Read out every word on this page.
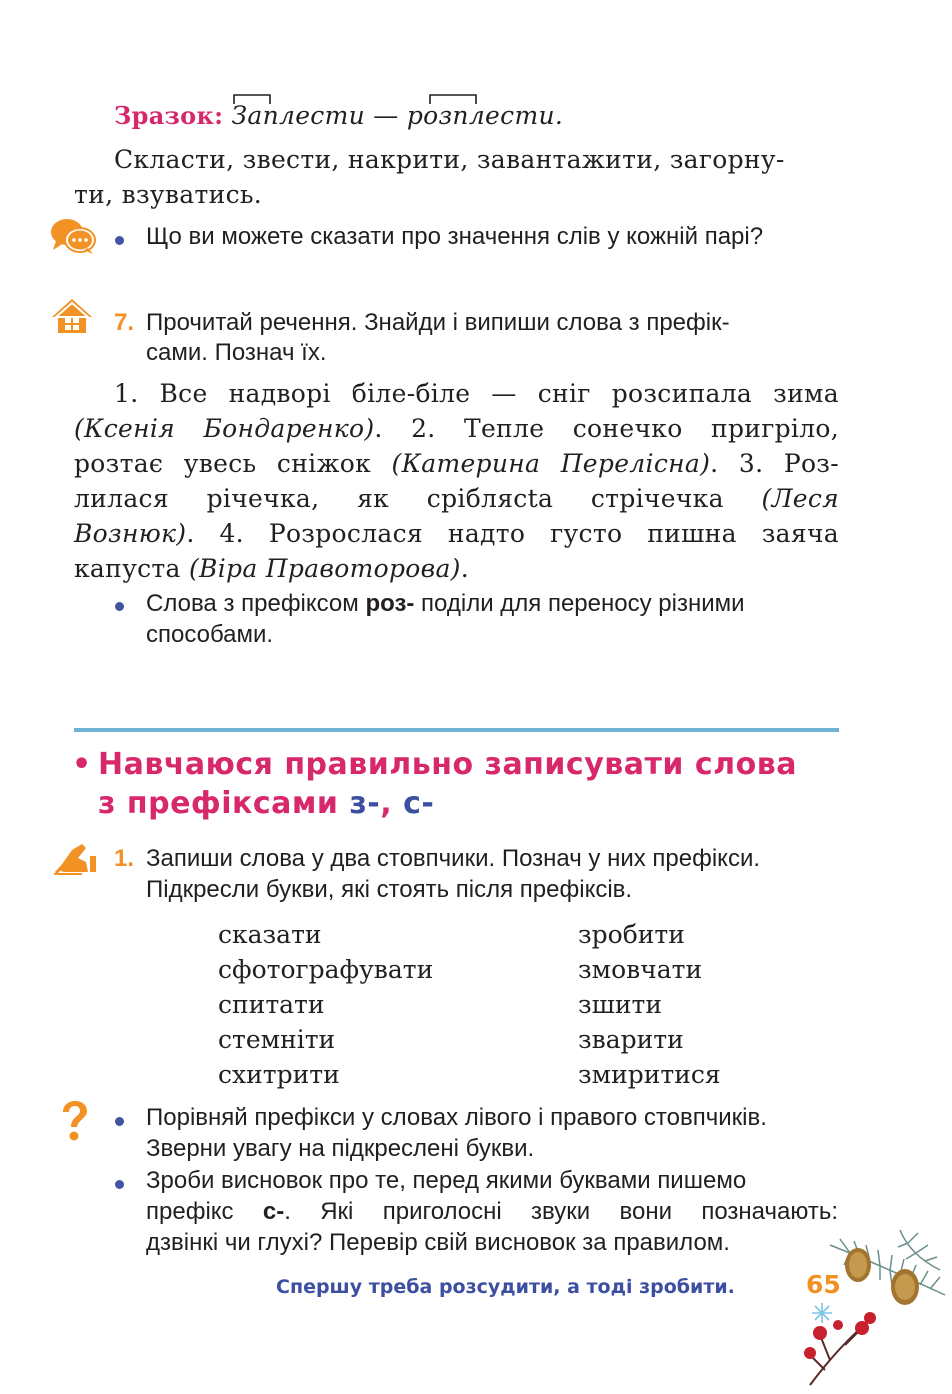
Зразок: Заплести — розплести.
Скласти, звести, накрити, завантажити, загорну-
ти, взуватись.
Що ви можете сказати про значення слів у кожній парі?
7. Прочитай речення. Знайди і випиши слова з префік-
сами. Познач їх.
1. Все надворі біле-біле — сніг розсипала зима
(Ксенія Бондаренко). 2. Тепле сонечко пригріло,
розтає увесь сніжок (Катерина Перелісна). 3. Роз-
лилася річечка, як сріблясta стрічечка (Леся
Вознюк). 4. Розрослася надто густо пишна заяча
капуста (Віра Правоторова).
Слова з префіксом роз- поділи для переносу різними
способами.
• Навчаюся правильно записувати слова
з префіксами з-, с-
1. Запиши слова у два стовпчики. Познач у них префікси.
Підкресли букви, які стоять після префіксів.
сказати
сфотографувати
спитати
стемніти
схитрити
зробити
змовчати
зшити
зварити
змиритися
Порівняй префікси у словах лівого і правого стовпчиків.
Зверни увагу на підкреслені букви.
Зроби висновок про те, перед якими буквами пишемо
префікс с-. Які приголосні звуки вони позначають:
дзвінкі чи глухі? Перевір свій висновок за правилом.
Спершу треба розсудити, а тоді зробити.	65
